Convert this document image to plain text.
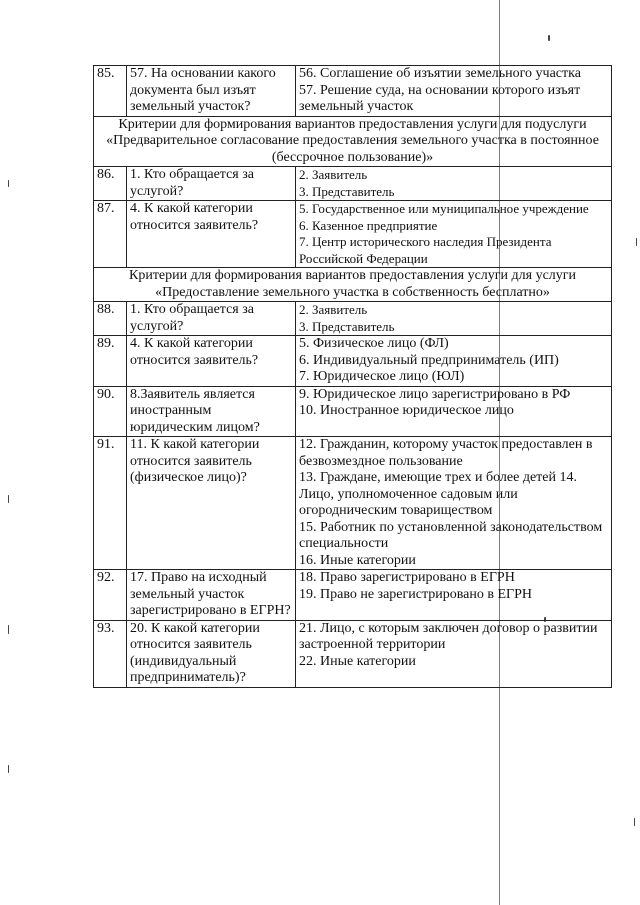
85.	57. На основании какого документа был изъят земельный участок?	56. Соглашение об изъятии земельного участка
57. Решение суда, на основании которого изъят земельный участок

Критерии для формирования вариантов предоставления услуги для подуслуги
«Предварительное согласование предоставления земельного участка в постоянное (бессрочное пользование)»		

86.	1. Кто обращается за услугой?	2. Заявитель
3. Представитель

87.	4. К какой категории относится заявитель?	5. Государственное или муниципальное учреждение
6. Казенное предприятие
7. Центр исторического наследия Президента Российской Федерации

Критерии для формирования вариантов предоставления услуги для услуги
«Предоставление земельного участка в собственность бесплатно»		

88.	1. Кто обращается за услугой?	2. Заявитель
3. Представитель

89.	4. К какой категории относится заявитель?	5. Физическое лицо (ФЛ)
6. Индивидуальный предприниматель (ИП)
7. Юридическое лицо (ЮЛ)

90.	8.Заявитель является иностранным юридическим лицом?	9. Юридическое лицо зарегистрировано в РФ
10. Иностранное юридическое лицо

91.	11. К какой категории относится заявитель (физическое лицо)?	12. Гражданин, которому участок предоставлен в безвозмездное пользование
13. Граждане, имеющие трех и более детей 14. Лицо, уполномоченное садовым или огородническим товариществом
15. Работник по установленной законодательством специальности
16. Иные категории

92.	17. Право на исходный земельный участок зарегистрировано в ЕГРН?	18. Право зарегистрировано в ЕГРН
19. Право не зарегистрировано в ЕГРН

93.	20. К какой категории относится заявитель (индивидуальный предприниматель)?	21. Лицо, с которым заключен договор о развитии застроенной территории
22. Иные категории
